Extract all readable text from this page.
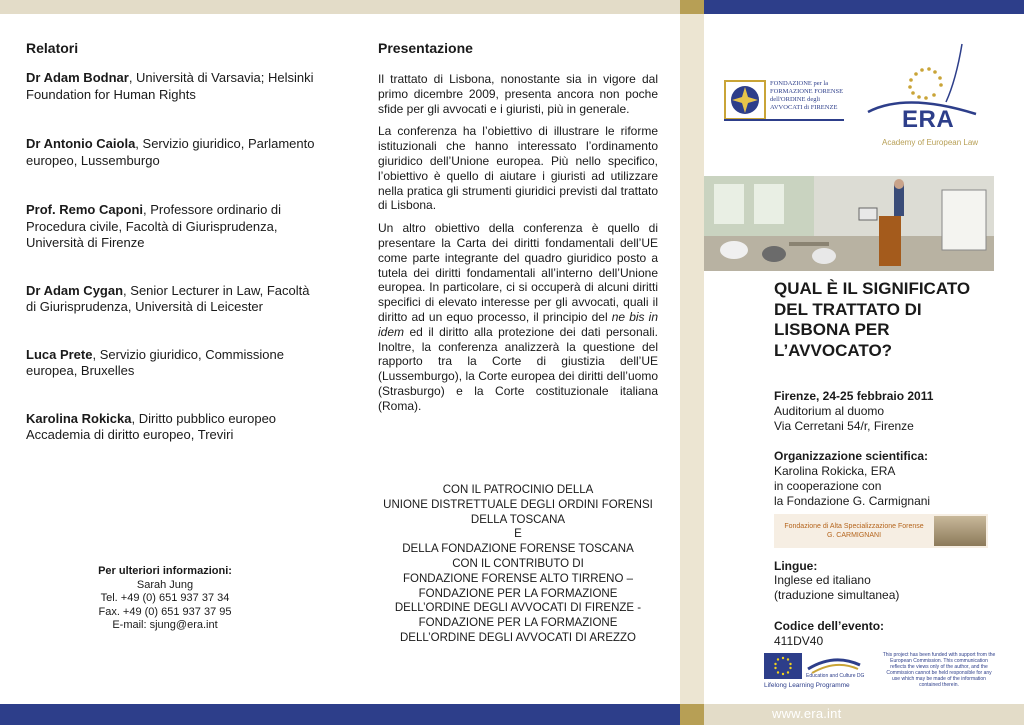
www.era.int
Relatori
Dr Adam Bodnar, Università di Varsavia; Helsinki Foundation for Human Rights
Dr Antonio Caiola, Servizio giuridico, Parlamento europeo, Lussemburgo
Prof. Remo Caponi, Professore ordinario di Procedura civile, Facoltà di Giurisprudenza, Università di Firenze
Dr Adam Cygan, Senior Lecturer in Law, Facoltà di Giurisprudenza, Università di Leicester
Luca Prete, Servizio giuridico, Commissione europea, Bruxelles
Karolina Rokicka, Diritto pubblico europeo Accademia di diritto europeo, Treviri
Per ulteriori informazioni:
Sarah Jung
Tel. +49 (0) 651 937 37 34
Fax. +49 (0) 651 937 37 95
E-mail: sjung@era.int
Presentazione

Il trattato di Lisbona, nonostante sia in vigore dal primo dicembre 2009, presenta ancora non poche sfide per gli avvocati e i giuristi, più in generale.

La conferenza ha l’obiettivo di illustrare le riforme istituzionali che hanno interessato l’ordinamento giuridico dell’Unione europea. Più nello specifico, l’obiettivo è quello di aiutare i giuristi ad utilizzare nella pratica gli strumenti giuridici previsti dal trattato di Lisbona.

Un altro obiettivo della conferenza è quello di presentare la Carta dei diritti fondamentali dell’UE come parte integrante del quadro giuridico posto a tutela dei diritti fondamentali all’interno dell’Unione europea. In particolare, ci si occuperà di alcuni diritti specifici di elevato interesse per gli avvocati, quali il diritto ad un equo processo, il principio del ne bis in idem ed il diritto alla protezione dei dati personali. Inoltre, la conferenza analizzerà la questione del rapporto tra la Corte di giustizia dell’UE (Lussemburgo), la Corte europea dei diritti dell’uomo (Strasburgo) e la Corte costituzionale italiana (Roma).

CON IL PATROCINIO DELLA
UNIONE DISTRETTUALE DEGLI ORDINI FORENSI
DELLA TOSCANA
E
DELLA FONDAZIONE FORENSE TOSCANA
CON IL CONTRIBUTO DI
FONDAZIONE FORENSE ALTO TIRRENO –
FONDAZIONE PER LA FORMAZIONE
DELL’ORDINE DEGLI AVVOCATI DI FIRENZE -
FONDAZIONE PER LA FORMAZIONE
DELL’ORDINE DEGLI AVVOCATI DI AREZZO
FONDAZIONE per la
FORMAZIONE FORENSE
dell'ORDINE degli
AVVOCATI di FIRENZE	ERA
Academy of European Law
QUAL È IL SIGNIFICATO
DEL TRATTATO DI
LISBONA PER
L’AVVOCATO?
Firenze, 24-25 febbraio 2011
Auditorium al duomo
Via Cerretani 54/r, Firenze
Organizzazione scientifica:
Karolina Rokicka, ERA
in cooperazione con
la Fondazione G. Carmignani
Lingue:
Inglese ed italiano
(traduzione simultanea)
Codice dell’evento:
411DV40
Fondazione di Alta Specializzazione Forense
G. CARMIGNANI
Education and Culture DG
Lifelong Learning Programme
This project has been funded with support from the European Commission. This communication reflects the views only of the author, and the Commission cannot be held responsible for any use which may be made of the information contained therein.
